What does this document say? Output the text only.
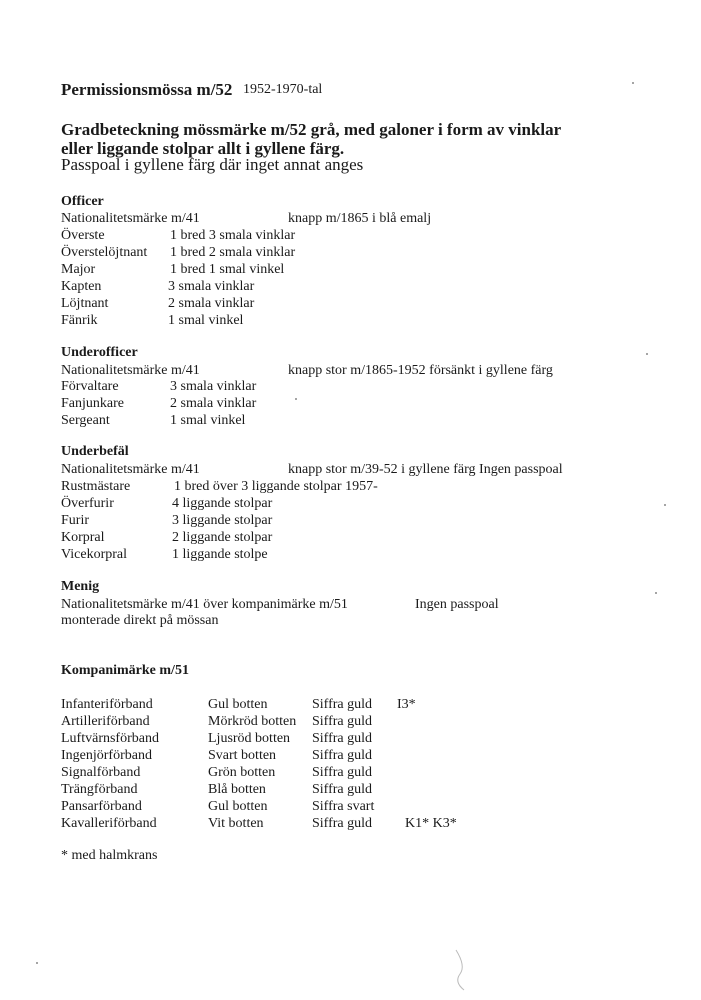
Permissionsmössa m/52 1952-1970-tal
Gradbeteckning mössmärke m/52 grå, med galoner i form av vinklar
eller liggande stolpar allt i gyllene färg.
Passpoal i gyllene färg där inget annat anges
Officer
Nationalitetsmärke m/41	knapp m/1865 i blå emalj
Överste	1 bred 3 smala vinklar
Överstelöjtnant 1 bred 2 smala vinklar
Major	1 bred 1 smal vinkel
Kapten	3 smala vinklar
Löjtnant	2 smala vinklar
Fänrik	1 smal vinkel
Underofficer
Nationalitetsmärke m/41	knapp stor m/1865-1952 försänkt i gyllene färg
Förvaltare	3 smala vinklar
Fanjunkare	2 smala vinklar
Sergeant	1 smal vinkel
Underbefäl
Nationalitetsmärke m/41	knapp stor m/39-52 i gyllene färg Ingen passpoal
Rustmästare	1 bred över 3 liggande stolpar 1957-
Överfurir	4 liggande stolpar
Furir	3 liggande stolpar
Korpral	2 liggande stolpar
Vicekorpral	1 liggande stolpe
Menig
Nationalitetsmärke m/41 över kompanimärke m/51	Ingen passpoal
monterade direkt på mössan
Kompanimärke m/51
Infanteriförband	Gul botten	Siffra guld I3*
Artilleriförband	Mörkröd botten Siffra guld
Luftvärnsförband	Ljusröd botten Siffra guld
Ingenjörförband	Svart botten	Siffra guld
Signalförband	Grön botten	Siffra guld
Trängförband	Blå botten	Siffra guld
Pansarförband	Gul botten	Siffra svart
Kavalleriförband	Vit botten	Siffra guld K1* K3*
* med halmkrans
